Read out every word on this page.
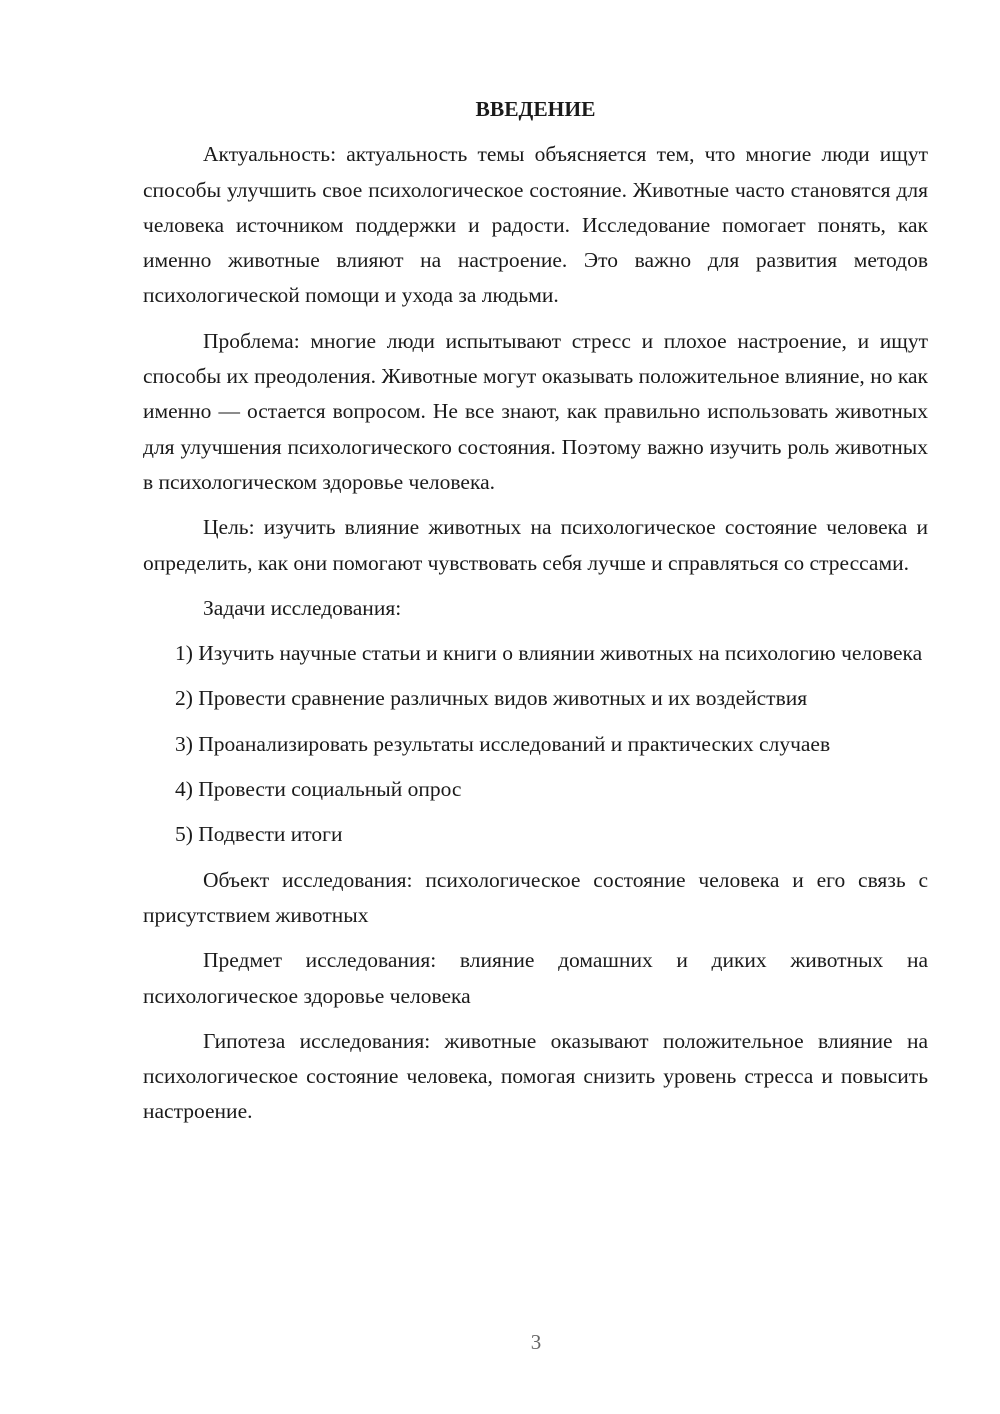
ВВЕДЕНИЕ

Актуальность: актуальность темы объясняется тем, что многие люди ищут способы улучшить свое психологическое состояние. Животные часто становятся для человека источником поддержки и радости. Исследование помогает понять, как именно животные влияют на настроение. Это важно для развития методов психологической помощи и ухода за людьми.

Проблема: многие люди испытывают стресс и плохое настроение, и ищут способы их преодоления. Животные могут оказывать положительное влияние, но как именно — остается вопросом. Не все знают, как правильно использовать животных для улучшения психологического состояния. Поэтому важно изучить роль животных в психологическом здоровье человека.

Цель: изучить влияние животных на психологическое состояние человека и определить, как они помогают чувствовать себя лучше и справляться со стрессами.

Задачи исследования:

1) Изучить научные статьи и книги о влиянии животных на психологию человека

2) Провести сравнение различных видов животных и их воздействия

3) Проанализировать результаты исследований и практических случаев

4) Провести социальный опрос

5) Подвести итоги

Объект исследования: психологическое состояние человека и его связь с присутствием животных

Предмет исследования: влияние домашних и диких животных на психологическое здоровье человека

Гипотеза исследования: животные оказывают положительное влияние на психологическое состояние человека, помогая снизить уровень стресса и повысить настроение.

3
